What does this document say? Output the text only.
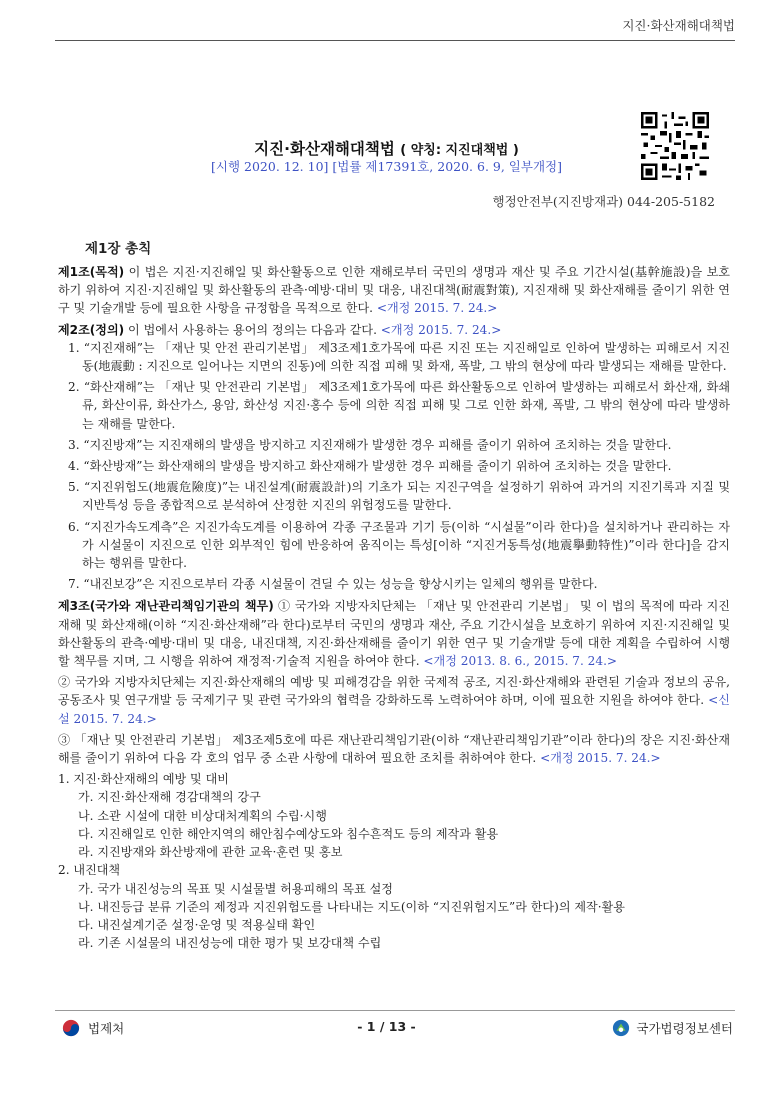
지진·화산재해대책법
지진·화산재해대책법 ( 약칭: 지진대책법 )
[시행 2020. 12. 10] [법률 제17391호, 2020. 6. 9, 일부개정]
행정안전부(지진방재과) 044-205-5182
제1장 총칙

제1조(목적) 이 법은 지진·지진해일 및 화산활동으로 인한 재해로부터 국민의 생명과 재산 및 주요 기간시설(基幹施設)을 보호하기 위하여 지진·지진해일 및 화산활동의 관측·예방·대비 및 대응, 내진대책(耐震對策), 지진재해 및 화산재해를 줄이기 위한 연구 및 기술개발 등에 필요한 사항을 규정함을 목적으로 한다. <개정 2015. 7. 24.>

제2조(정의) 이 법에서 사용하는 용어의 정의는 다음과 같다. <개정 2015. 7. 24.>

1. “지진재해”는 「재난 및 안전 관리기본법」 제3조제1호가목에 따른 지진 또는 지진해일로 인하여 발생하는 피해로서 지진동(地震動 : 지진으로 일어나는 지면의 진동)에 의한 직접 피해 및 화재, 폭발, 그 밖의 현상에 따라 발생되는 재해를 말한다.

2. “화산재해”는 「재난 및 안전관리 기본법」 제3조제1호가목에 따른 화산활동으로 인하여 발생하는 피해로서 화산재, 화쇄류, 화산이류, 화산가스, 용암, 화산성 지진·홍수 등에 의한 직접 피해 및 그로 인한 화재, 폭발, 그 밖의 현상에 따라 발생하는 재해를 말한다.

3. “지진방재”는 지진재해의 발생을 방지하고 지진재해가 발생한 경우 피해를 줄이기 위하여 조치하는 것을 말한다.

4. “화산방재”는 화산재해의 발생을 방지하고 화산재해가 발생한 경우 피해를 줄이기 위하여 조치하는 것을 말한다.

5. “지진위험도(地震危險度)”는 내진설계(耐震設計)의 기초가 되는 지진구역을 설정하기 위하여 과거의 지진기록과 지질 및 지반특성 등을 종합적으로 분석하여 산정한 지진의 위험정도를 말한다.

6. “지진가속도계측”은 지진가속도계를 이용하여 각종 구조물과 기기 등(이하 “시설물”이라 한다)을 설치하거나 관리하는 자가 시설물이 지진으로 인한 외부적인 힘에 반응하여 움직이는 특성[이하 “지진거동특성(地震擧動特性)”이라 한다]을 감지하는 행위를 말한다.

7. “내진보강”은 지진으로부터 각종 시설물이 견딜 수 있는 성능을 향상시키는 일체의 행위를 말한다.

제3조(국가와 재난관리책임기관의 책무) ① 국가와 지방자치단체는 「재난 및 안전관리 기본법」 및 이 법의 목적에 따라 지진재해 및 화산재해(이하 “지진·화산재해”라 한다)로부터 국민의 생명과 재산, 주요 기간시설을 보호하기 위하여 지진·지진해일 및 화산활동의 관측·예방·대비 및 대응, 내진대책, 지진·화산재해를 줄이기 위한 연구 및 기술개발 등에 대한 계획을 수립하여 시행할 책무를 지며, 그 시행을 위하여 재정적·기술적 지원을 하여야 한다. <개정 2013. 8. 6., 2015. 7. 24.>

② 국가와 지방자치단체는 지진·화산재해의 예방 및 피해경감을 위한 국제적 공조, 지진·화산재해와 관련된 기술과 정보의 공유, 공동조사 및 연구개발 등 국제기구 및 관련 국가와의 협력을 강화하도록 노력하여야 하며, 이에 필요한 지원을 하여야 한다. <신설 2015. 7. 24.>

③ 「재난 및 안전관리 기본법」 제3조제5호에 따른 재난관리책임기관(이하 “재난관리책임기관”이라 한다)의 장은 지진·화산재해를 줄이기 위하여 다음 각 호의 업무 중 소관 사항에 대하여 필요한 조치를 취하여야 한다. <개정 2015. 7. 24.>

1. 지진·화산재해의 예방 및 대비

가. 지진·화산재해 경감대책의 강구

나. 소관 시설에 대한 비상대처계획의 수립·시행

다. 지진해일로 인한 해안지역의 해안침수예상도와 침수흔적도 등의 제작과 활용

라. 지진방재와 화산방재에 관한 교육·훈련 및 홍보

2. 내진대책

가. 국가 내진성능의 목표 및 시설물별 허용피해의 목표 설정

나. 내진등급 분류 기준의 제정과 지진위험도를 나타내는 지도(이하 “지진위험지도”라 한다)의 제작·활용

다. 내진설계기준 설정·운영 및 적용실태 확인

라. 기존 시설물의 내진성능에 대한 평가 및 보강대책 수립

법제처	- 1 / 13 -	국가법령정보센터
